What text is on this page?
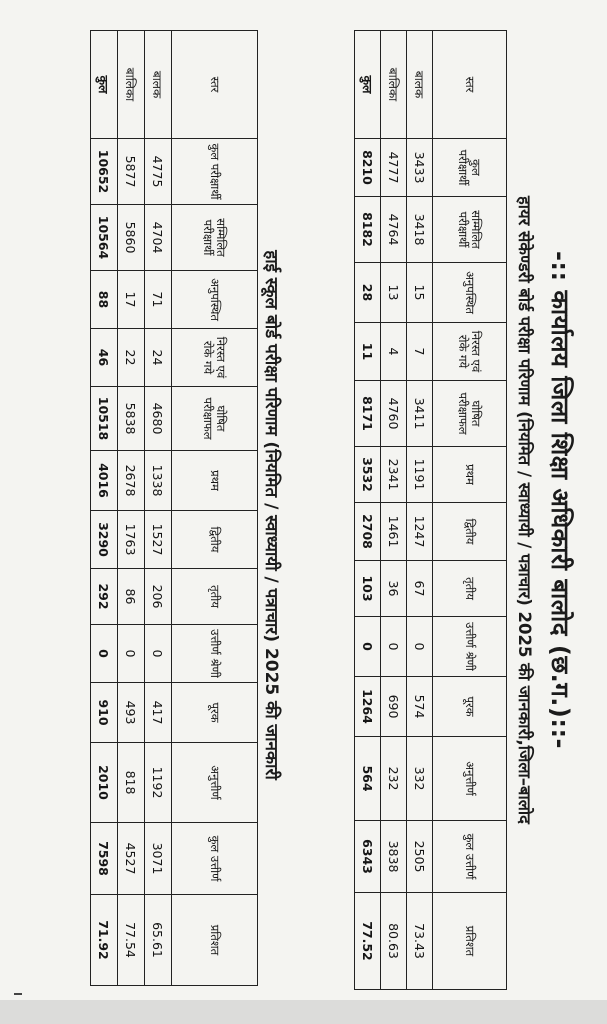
-:: कार्यालय जिला शिक्षा अधिकारी बालोद (छ.ग.)::-
हायर सेकेण्डरी बोर्ड परीक्षा परिणाम (नियमित / स्वाध्यायी / पत्राचार) 2025 की जानकारी,जिला–बालोद
स्तर	कुल परीक्षार्थी	सम्मिलित परीक्षार्थी	अनुपस्थित	निरस्त एवं रोके गये	घोषित परीक्षाफल	प्रथम	द्वितीय	तृतीय	उत्तीर्ण श्रेणी	पूरक	अनुत्तीर्ण	कुल उत्तीर्ण	प्रतिशत
बालक	3433	3418	15	7	3411	1191	1247	67	0	574	332	2505	73.43
बालिका	4777	4764	13	4	4760	2341	1461	36	0	690	232	3838	80.63
कुल	8210	8182	28	11	8171	3532	2708	103	0	1264	564	6343	77.52
हाई स्कूल बोर्ड परीक्षा परिणाम (नियमित / स्वाध्यायी / पत्राचार) 2025 की जानकारी
स्तर	कुल परीक्षार्थी	सम्मिलित परीक्षार्थी	अनुपस्थित	निरस्त एवं रोके गये	घोषित परीक्षाफल	प्रथम	द्वितीय	तृतीय	उत्तीर्ण श्रेणी	पूरक	अनुत्तीर्ण	कुल उत्तीर्ण	प्रतिशत
बालक	4775	4704	71	24	4680	1338	1527	206	0	417	1192	3071	65.61
बालिका	5877	5860	17	22	5838	2678	1763	86	0	493	818	4527	77.54
कुल	10652	10564	88	46	10518	4016	3290	292	0	910	2010	7598	71.92
